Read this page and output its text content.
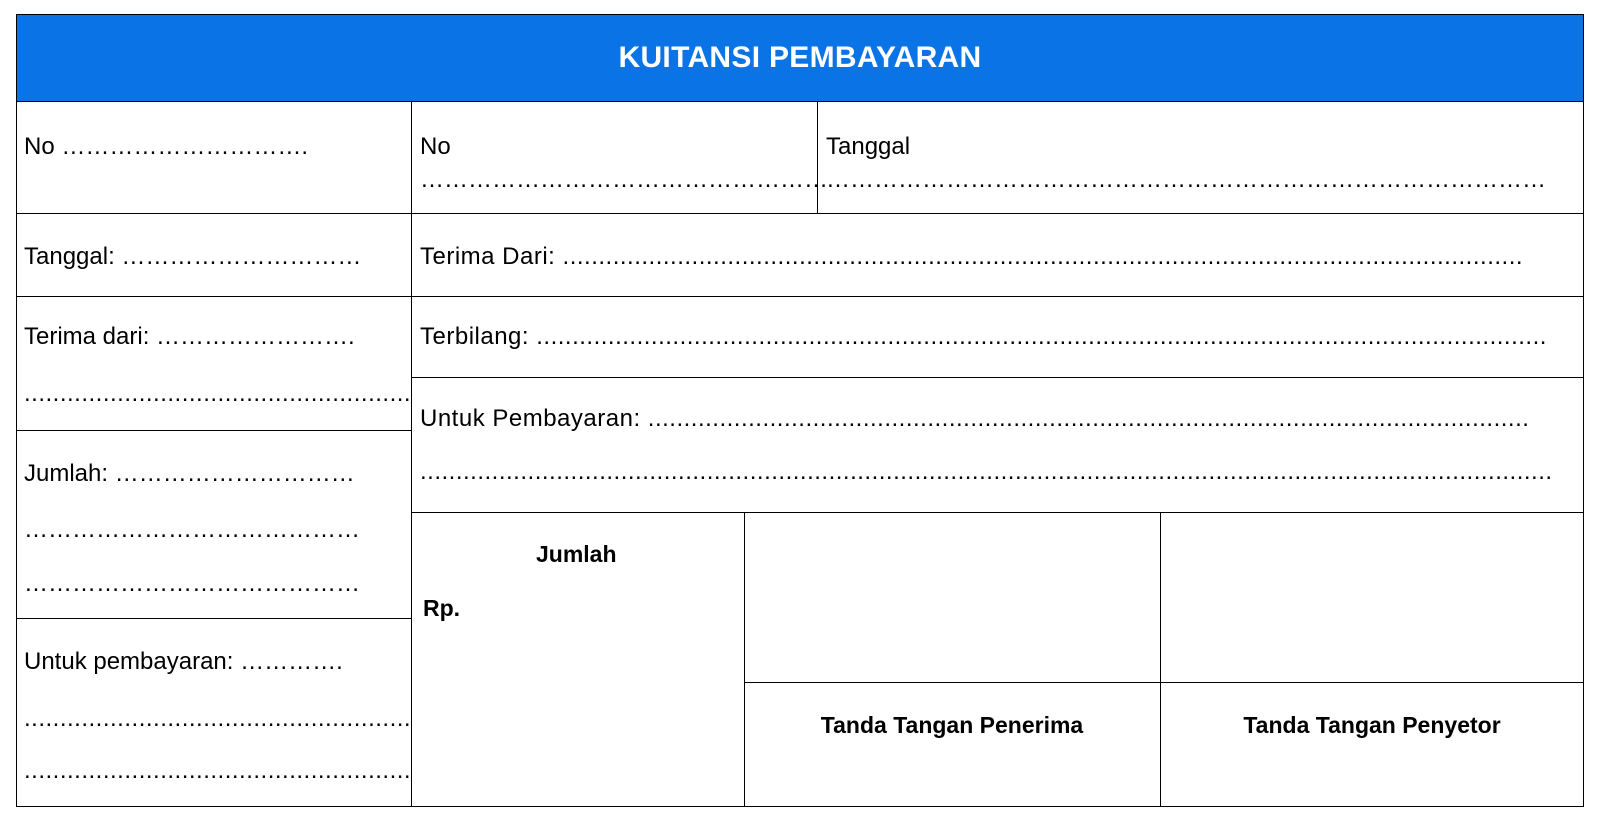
KUITANSI PEMBAYARAN
No ………………………….
Tanggal: …………………………
Terima dari: …………………….
......................................................
Jumlah: …………………………
……………………………………
……………………………………
Untuk pembayaran: ………….
......................................................
......................................................
No
……………………………………………
Tanggal
………………………………………………………………………………
Terima Dari: ......................................................................................................................................
Terbilang: .............................................................................................................................................
Untuk Pembayaran: ...........................................................................................................................
..............................................................................................................................................................
Jumlah
Rp.
Tanda Tangan Penerima	Tanda Tangan Penyetor
